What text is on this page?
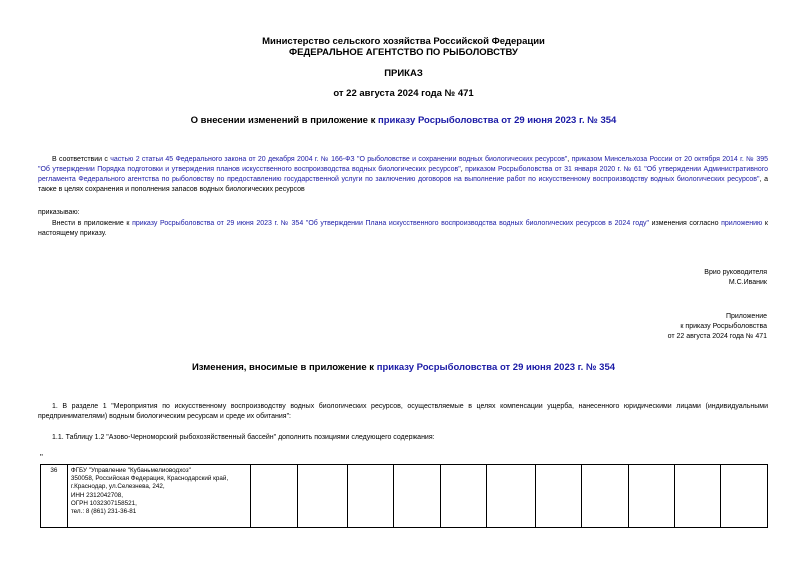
Министерство сельского хозяйства Российской Федерации
ФЕДЕРАЛЬНОЕ АГЕНТСТВО ПО РЫБОЛОВСТВУ
ПРИКАЗ
от 22 августа 2024 года № 471
О внесении изменений в приложение к приказу Росрыболовства от 29 июня 2023 г. № 354
В соответствии с частью 2 статьи 45 Федерального закона от 20 декабря 2004 г. № 166-ФЗ "О рыболовстве и сохранении водных биологических ресурсов", приказом Минсельхоза России от 20 октября 2014 г. № 395 "Об утверждении Порядка подготовки и утверждения планов искусственного воспроизводства водных биологических ресурсов", приказом Росрыболовства от 31 января 2020 г. № 61 "Об утверждении Административного регламента Федерального агентства по рыболовству по предоставлению государственной услуги по заключению договоров на выполнение работ по искусственному воспроизводству водных биологических ресурсов", а также в целях сохранения и пополнения запасов водных биологических ресурсов
приказываю:
Внести в приложение к приказу Росрыболовства от 29 июня 2023 г. № 354 "Об утверждении Плана искусственного воспроизводства водных биологических ресурсов в 2024 году" изменения согласно приложению к настоящему приказу.
Врио руководителя
М.С.Иваник
Приложение
к приказу Росрыболовства
от 22 августа 2024 года № 471
Изменения, вносимые в приложение к приказу Росрыболовства от 29 июня 2023 г. № 354
1. В разделе 1 "Мероприятия по искусственному воспроизводству водных биологических ресурсов, осуществляемые в целях компенсации ущерба, нанесенного юридическими лицами (индивидуальными предпринимателями) водным биологическим ресурсам и среде их обитания":
1.1. Таблицу 1.2 "Азово-Черноморский рыбохозяйственный бассейн" дополнить позициями следующего содержания:
"
36	ФГБУ "Управление "Кубаньмелиоводхоз"
350058, Российская Федерация, Краснодарский край, г.Краснодар, ул.Селезнева, 242,
ИНН 2312042708,
ОГРН 1032307158521,
тел.: 8 (861) 231-36-81
